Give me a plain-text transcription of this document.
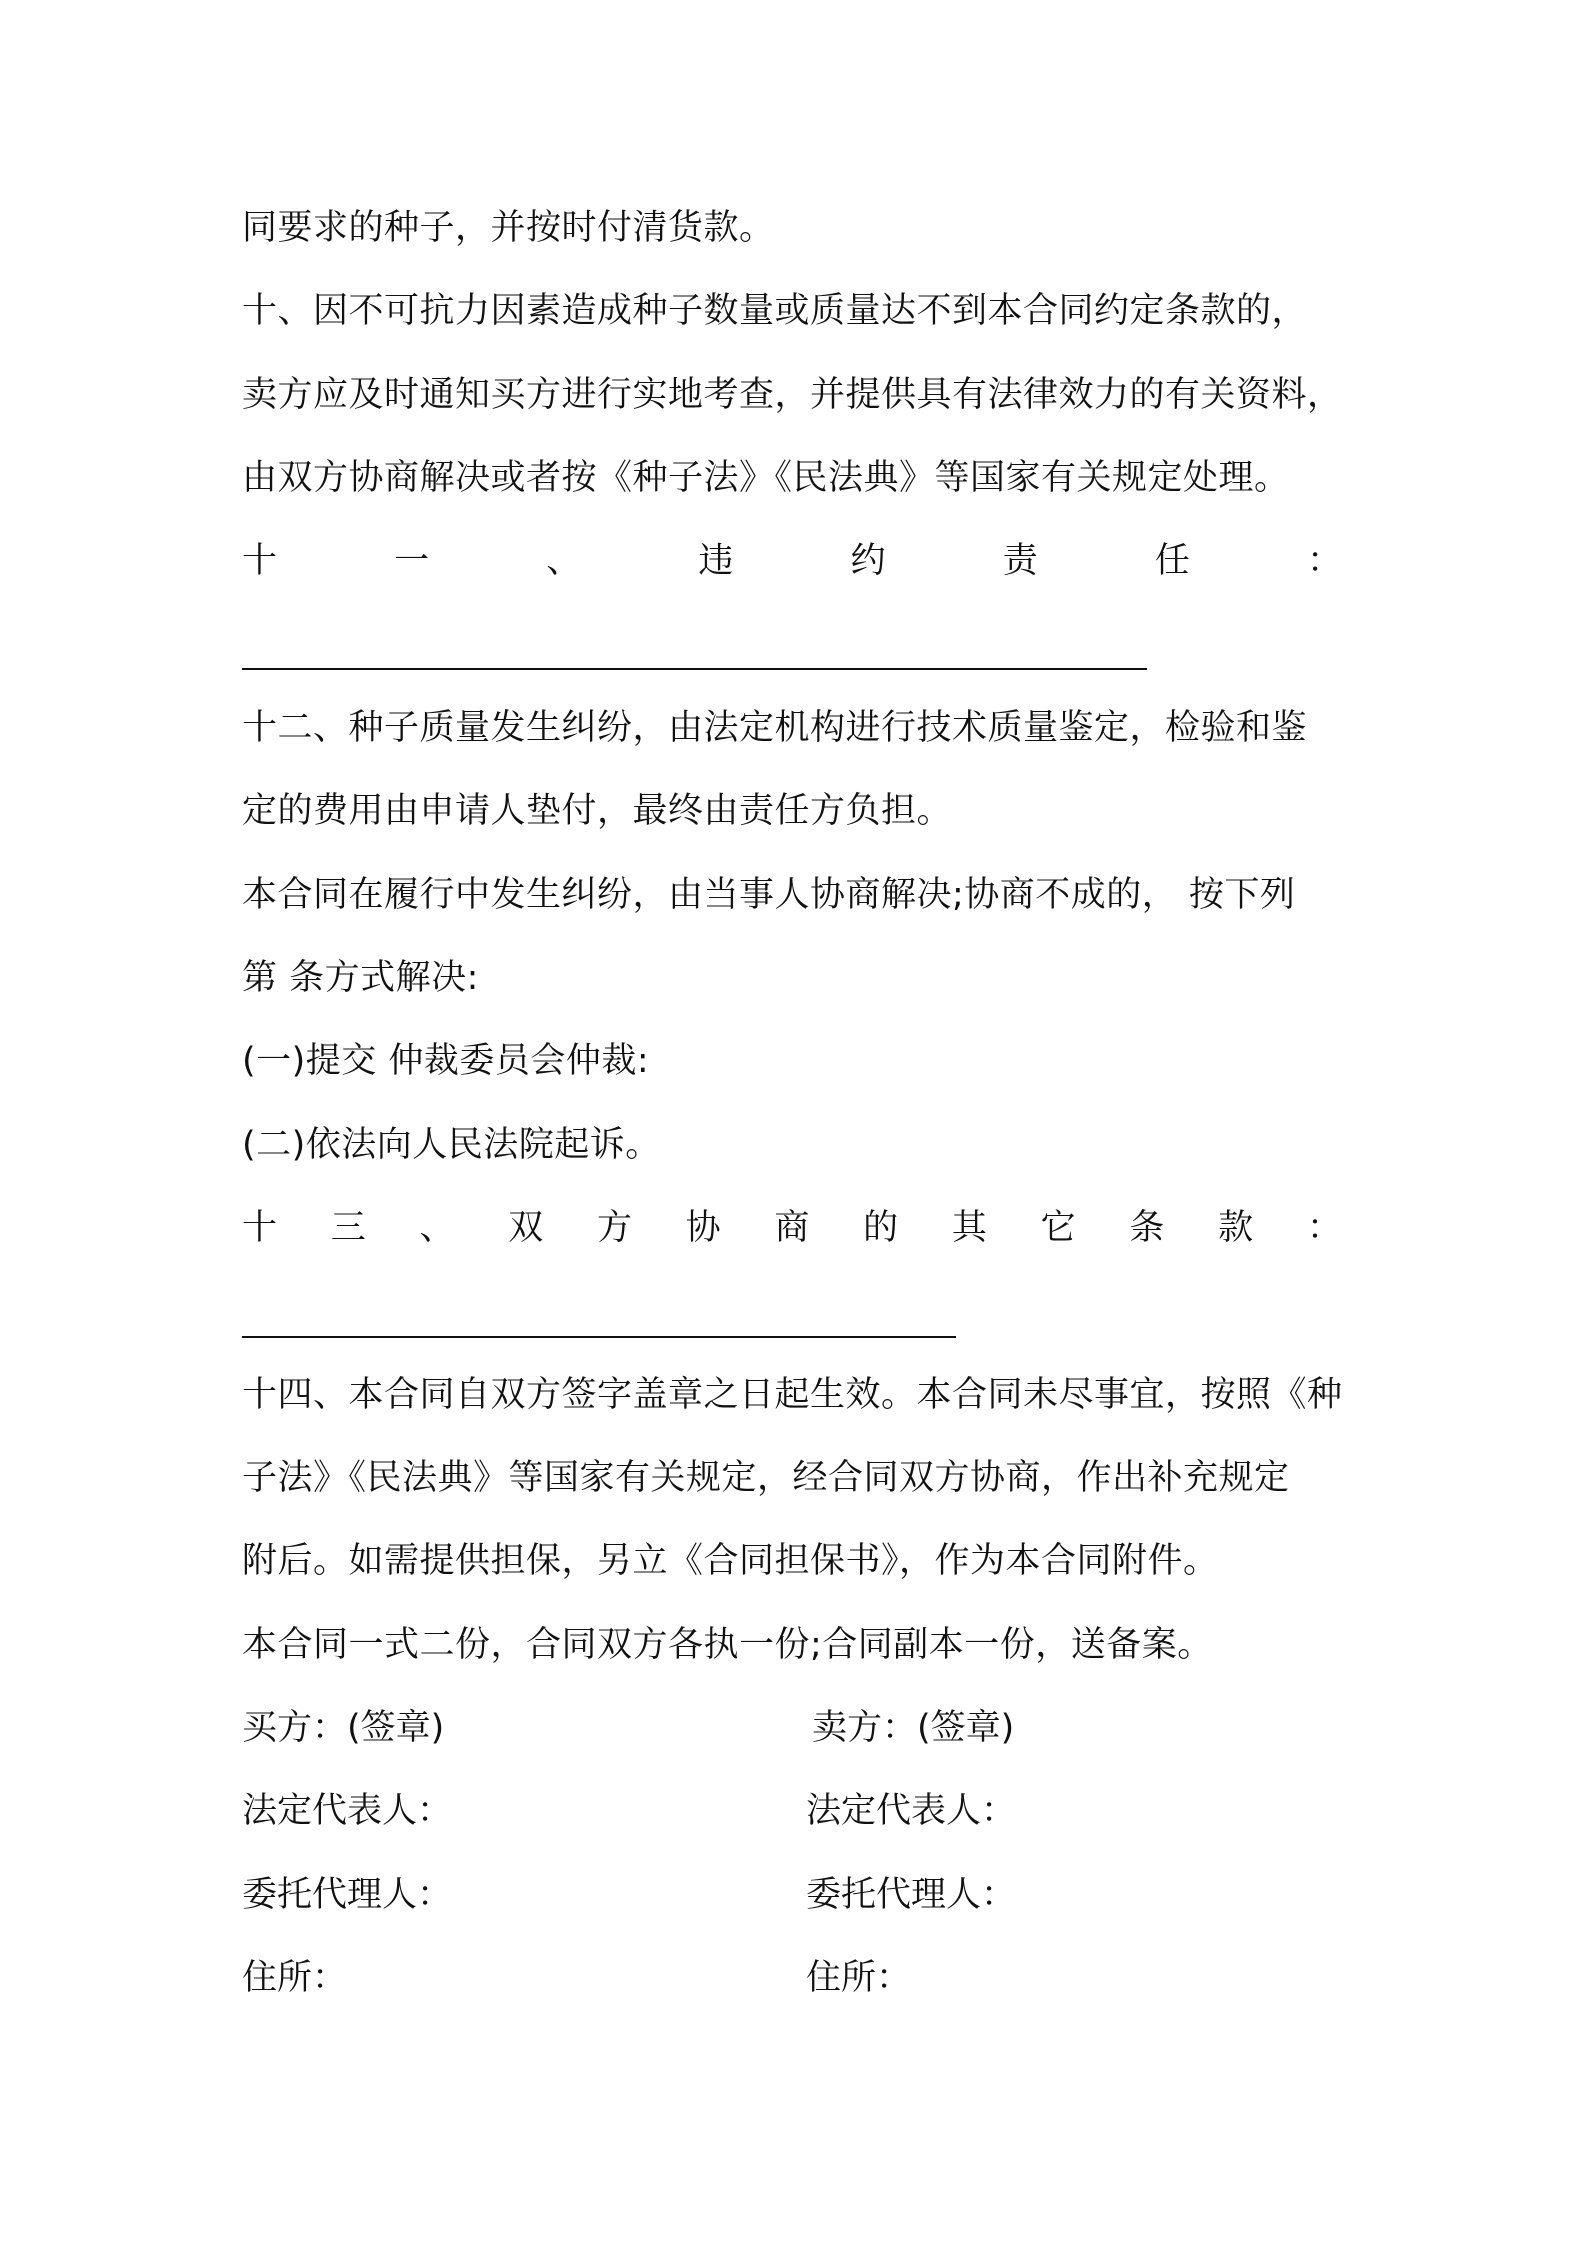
同要求的种子，并按时付清货款。
十、因不可抗力因素造成种子数量或质量达不到本合同约定条款的，
卖方应及时通知买方进行实地考查，并提供具有法律效力的有关资料，
由双方协商解决或者按《种子法》《民法典》等国家有关规定处理。
十	一	、	违	约	责	任	：
十二、种子质量发生纠纷，由法定机构进行技术质量鉴定，检验和鉴
定的费用由申请人垫付，最终由责任方负担。
本合同在履行中发生纠纷，由当事人协商解决;协商不成的， 按下列
第 条方式解决:
(一)提交 仲裁委员会仲裁:
(二)依法向人民法院起诉。
十 三 、 双 方 协 商 的 其 它 条 款 ：
十四、本合同自双方签字盖章之日起生效。本合同未尽事宜，按照《种
子法》《民法典》等国家有关规定，经合同双方协商，作出补充规定
附后。如需提供担保，另立《合同担保书》，作为本合同附件。
本合同一式二份，合同双方各执一份;合同副本一份，送备案。
买方：(签章)	卖方：(签章)
法定代表人：	法定代表人：
委托代理人：	委托代理人：
住所：	住所：
